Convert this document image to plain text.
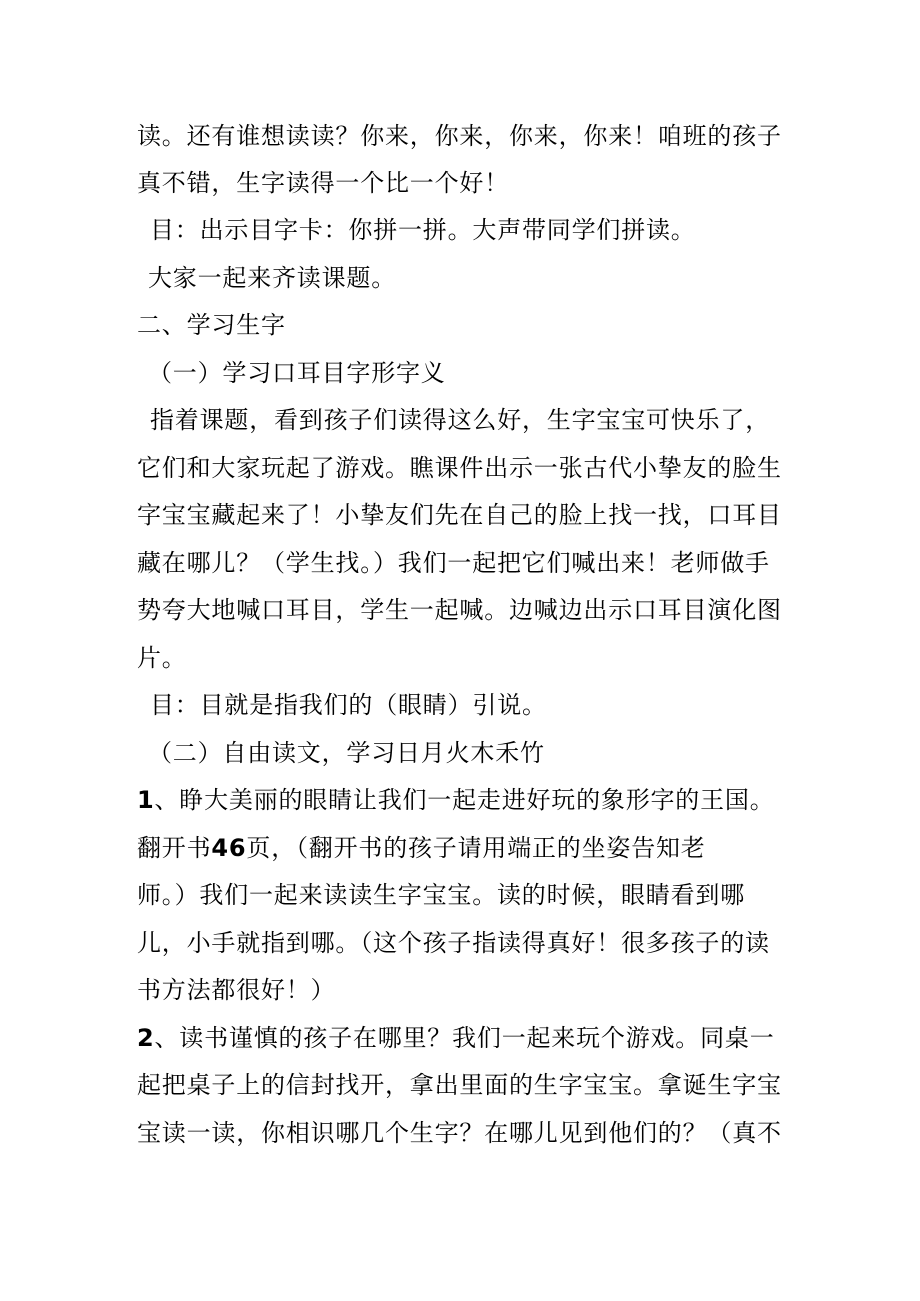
读。还有谁想读读？你来，你来，你来，你来！咱班的孩子
真不错，生字读得一个比一个好！
目：出示目字卡：你拼一拼。大声带同学们拼读。
大家一起来齐读课题。
二、学习生字
（一）学习口耳目字形字义
指着课题，看到孩子们读得这么好，生字宝宝可快乐了，
它们和大家玩起了游戏。瞧课件出示一张古代小挚友的脸生
字宝宝藏起来了！小挚友们先在自己的脸上找一找，口耳目
藏在哪儿？（学生找。）我们一起把它们喊出来！老师做手
势夸大地喊口耳目，学生一起喊。边喊边出示口耳目演化图
片。
目：目就是指我们的（眼睛）引说。
（二）自由读文，学习日月火木禾竹
1、睁大美丽的眼睛让我们一起走进好玩的象形字的王国。
翻开书46页，（翻开书的孩子请用端正的坐姿告知老
师。）我们一起来读读生字宝宝。读的时候，眼睛看到哪
儿，小手就指到哪。（这个孩子指读得真好！很多孩子的读
书方法都很好！）
2、读书谨慎的孩子在哪里？我们一起来玩个游戏。同桌一
起把桌子上的信封找开，拿出里面的生字宝宝。拿诞生字宝
宝读一读，你相识哪几个生字？在哪儿见到他们的？（真不
